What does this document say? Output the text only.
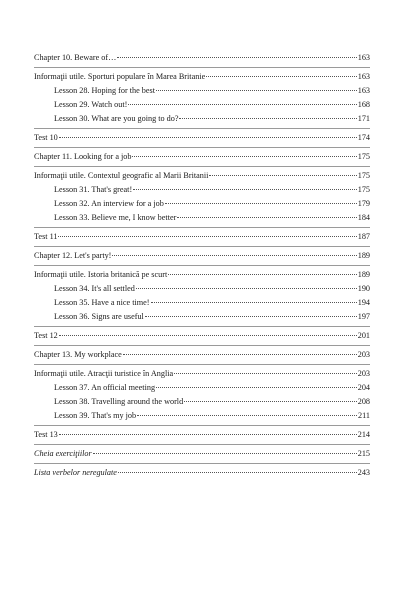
Chapter 10. Beware of…	163
Informaţii utile. Sporturi populare în Marea Britanie	163
Lesson 28. Hoping for the best	163
Lesson 29. Watch out!	168
Lesson 30. What are you going to do?	171
Test 10	174
Chapter 11. Looking for a job	175
Informaţii utile. Contextul geografic al Marii Britanii	175
Lesson 31. That's great!	175
Lesson 32. An interview for a job	179
Lesson 33. Believe me, I know better	184
Test 11	187
Chapter 12. Let's party!	189
Informaţii utile. Istoria britanică pe scurt	189
Lesson 34. It's all settled	190
Lesson 35. Have a nice time!	194
Lesson 36. Signs are useful	197
Test 12	201
Chapter 13. My workplace	203
Informaţii utile. Atracţii turistice în Anglia	203
Lesson 37. An official meeting	204
Lesson 38. Travelling around the world	208
Lesson 39. That's my job	211
Test 13	214
Cheia exerciţiilor	215
Lista verbelor neregulate	243
